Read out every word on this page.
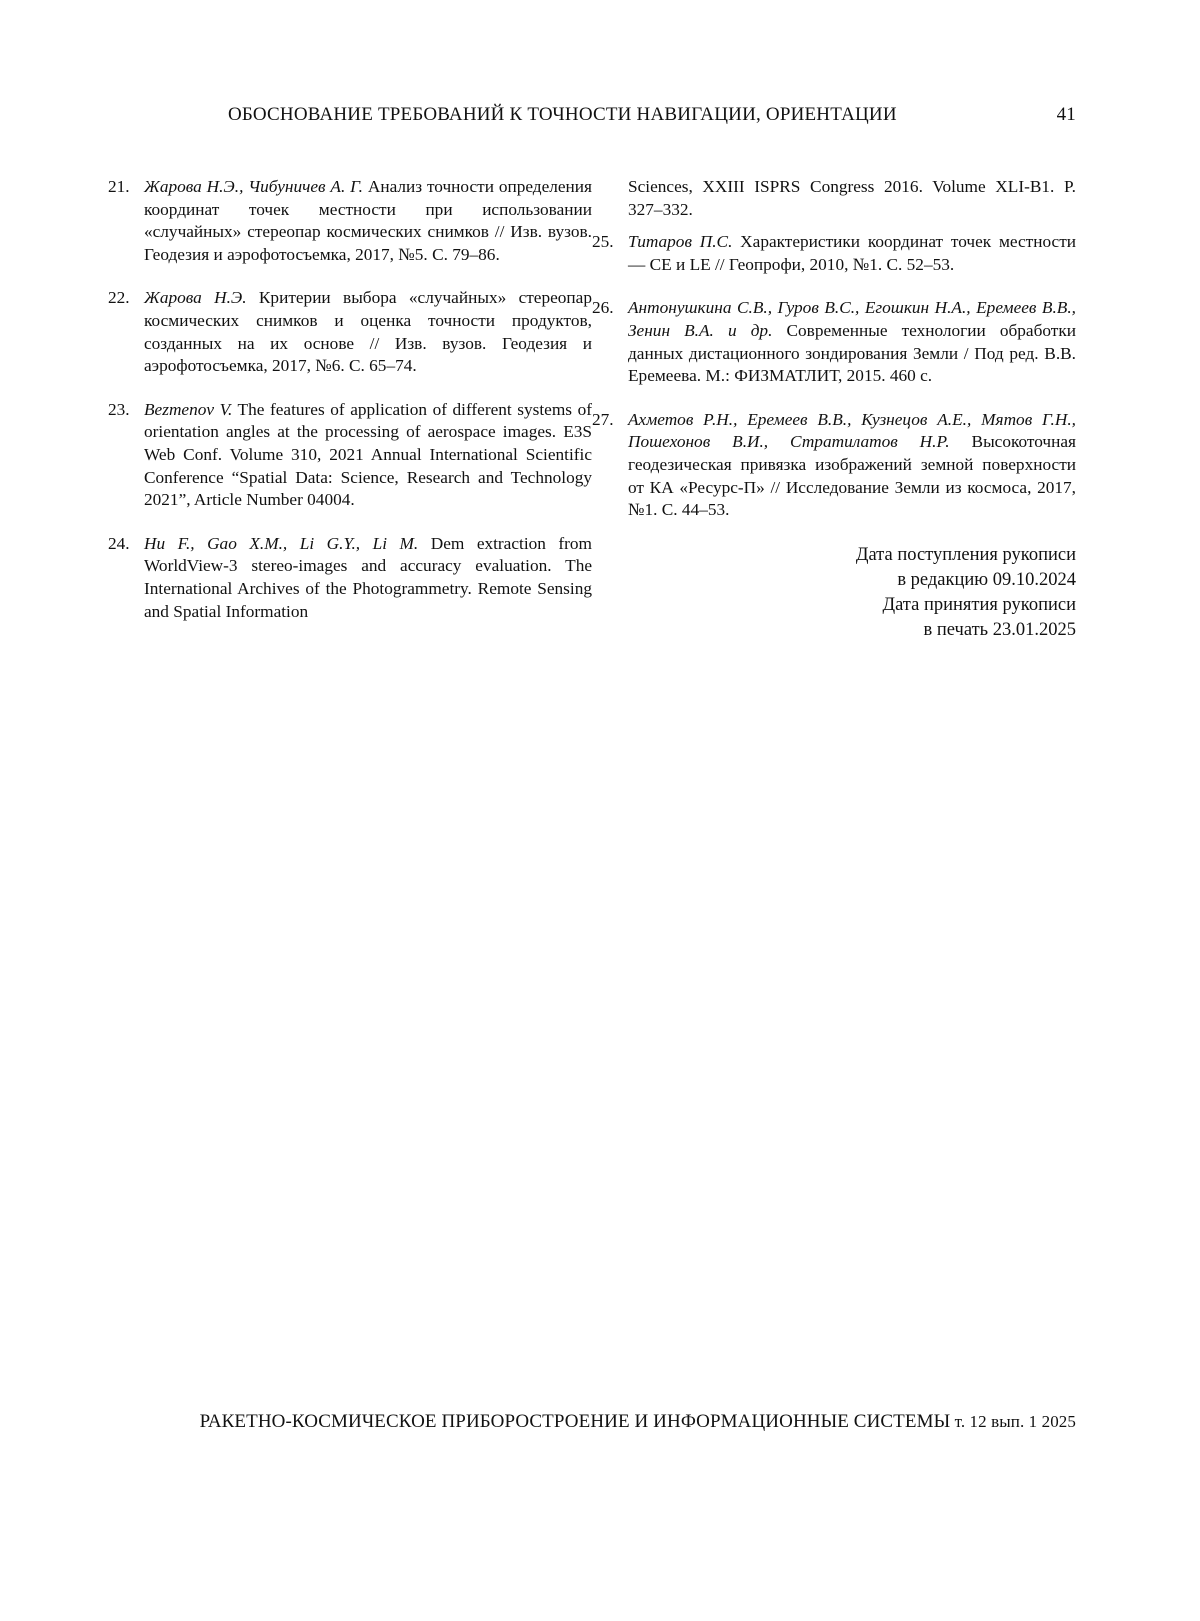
ОБОСНОВАНИЕ ТРЕБОВАНИЙ К ТОЧНОСТИ НАВИГАЦИИ, ОРИЕНТАЦИИ	41
21. Жарова Н.Э., Чибуничев А. Г. Анализ точности определения координат точек местности при использовании «случайных» стереопар космических снимков // Изв. вузов. Геодезия и аэрофотосъемка, 2017, №5. С. 79–86.
22. Жарова Н.Э. Критерии выбора «случайных» стереопар космических снимков и оценка точности продуктов, созданных на их основе // Изв. вузов. Геодезия и аэрофотосъемка, 2017, №6. С. 65–74.
23. Bezmenov V. The features of application of different systems of orientation angles at the processing of aerospace images. E3S Web Conf. Volume 310, 2021 Annual International Scientific Conference “Spatial Data: Science, Research and Technology 2021”, Article Number 04004.
24. Hu F., Gao X.M., Li G.Y., Li M. Dem extraction from WorldView-3 stereo-images and accuracy evaluation. The International Archives of the Photogrammetry. Remote Sensing and Spatial Information
Sciences, XXIII ISPRS Congress 2016. Volume XLI-B1. P. 327–332.
25. Титаров П.С. Характеристики координат точек местности — CE и LE // Геопрофи, 2010, №1. С. 52–53.
26. Антонушкина С.В., Гуров В.С., Егошкин Н.А., Еремеев В.В., Зенин В.А. и др. Современные технологии обработки данных дистационного зондирования Земли / Под ред. В.В. Еремеева. М.: ФИЗМАТЛИТ, 2015. 460 с.
27. Ахметов Р.Н., Еремеев В.В., Кузнецов А.Е., Мятов Г.Н., Пошехонов В.И., Стратилатов Н.Р. Высокоточная геодезическая привязка изображений земной поверхности от КА «Ресурс-П» // Исследование Земли из космоса, 2017, №1. С. 44–53.
Дата поступления рукописи
в редакцию 09.10.2024
Дата принятия рукописи
в печать 23.01.2025
РАКЕТНО-КОСМИЧЕСКОЕ ПРИБОРОСТРОЕНИЕ И ИНФОРМАЦИОННЫЕ СИСТЕМЫ т. 12 вып. 1 2025
